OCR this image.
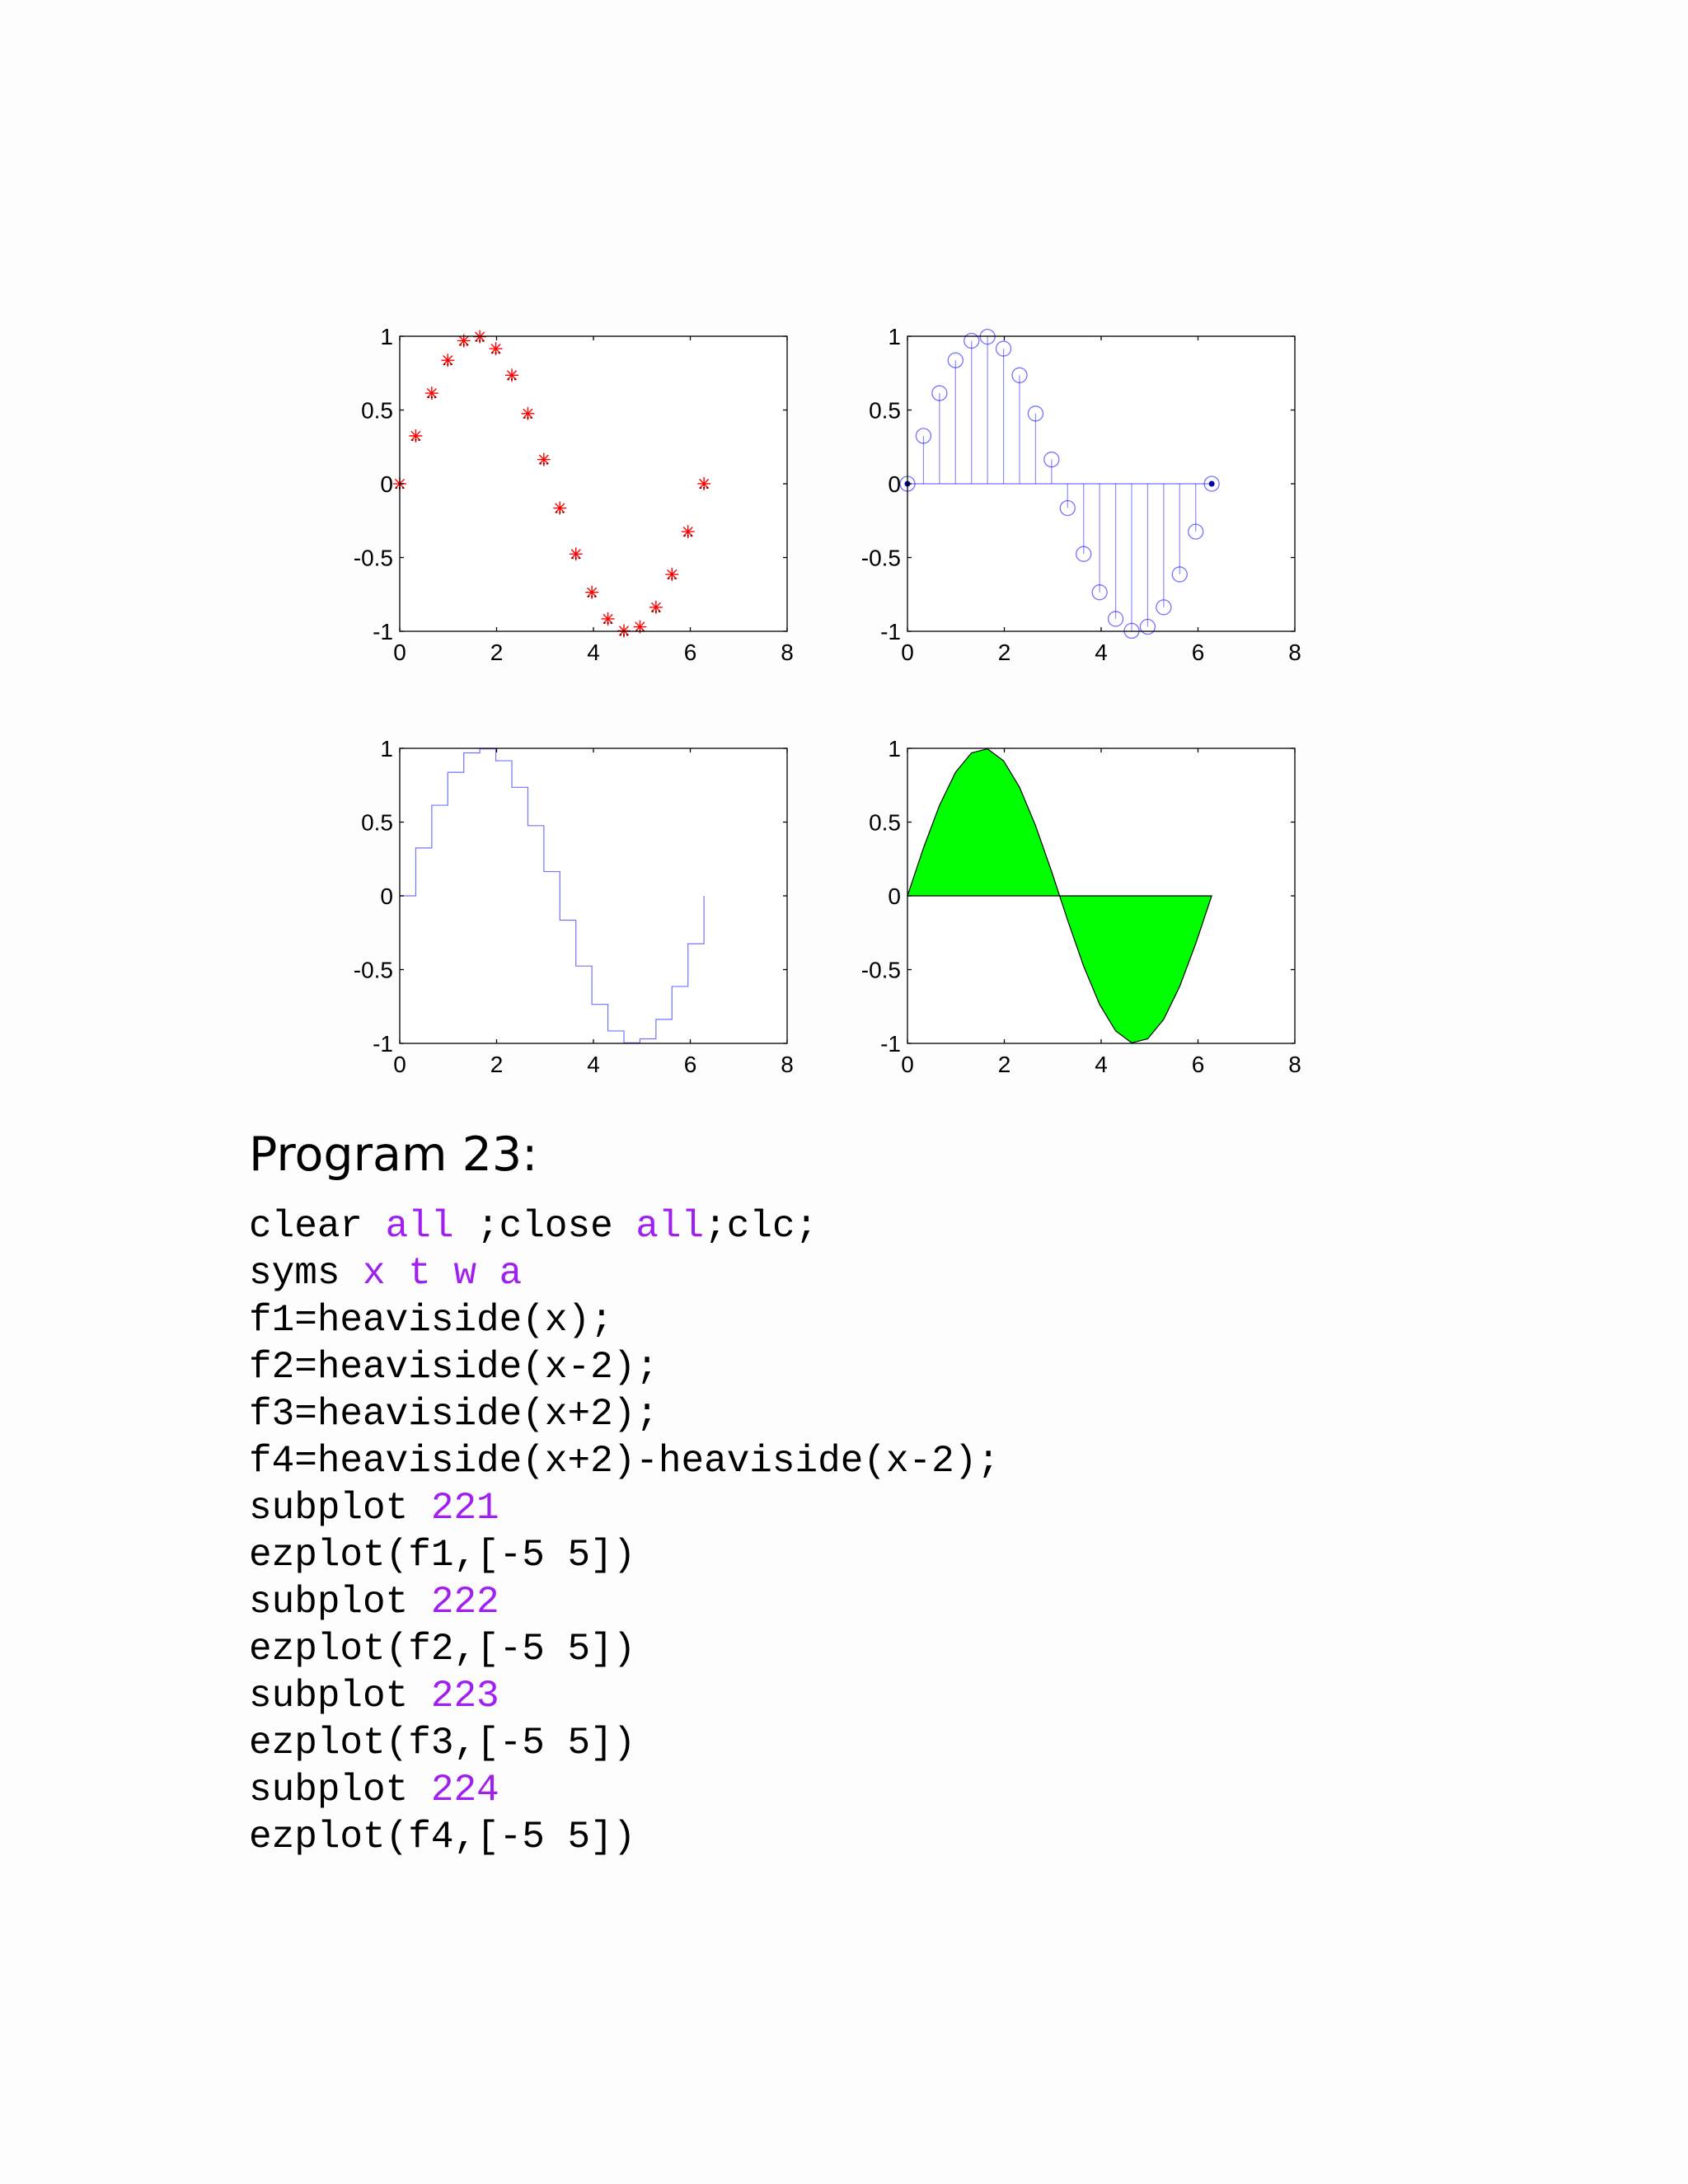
0	2	4	6	8
-1
-0.5
0
0.5
1
0	2	4	6	8
-1
-0.5
0
0.5
1
0	2	4	6	8
-1
-0.5
0
0.5
1
0	2	4	6	8
-1
-0.5
0
0.5
1
Program 23:
clear all ;close all;clc;
syms x t w a
f1=heaviside(x);
f2=heaviside(x-2);
f3=heaviside(x+2);
f4=heaviside(x+2)-heaviside(x-2);
subplot 221
ezplot(f1,[-5 5])
subplot 222
ezplot(f2,[-5 5])
subplot 223
ezplot(f3,[-5 5])
subplot 224
ezplot(f4,[-5 5])
